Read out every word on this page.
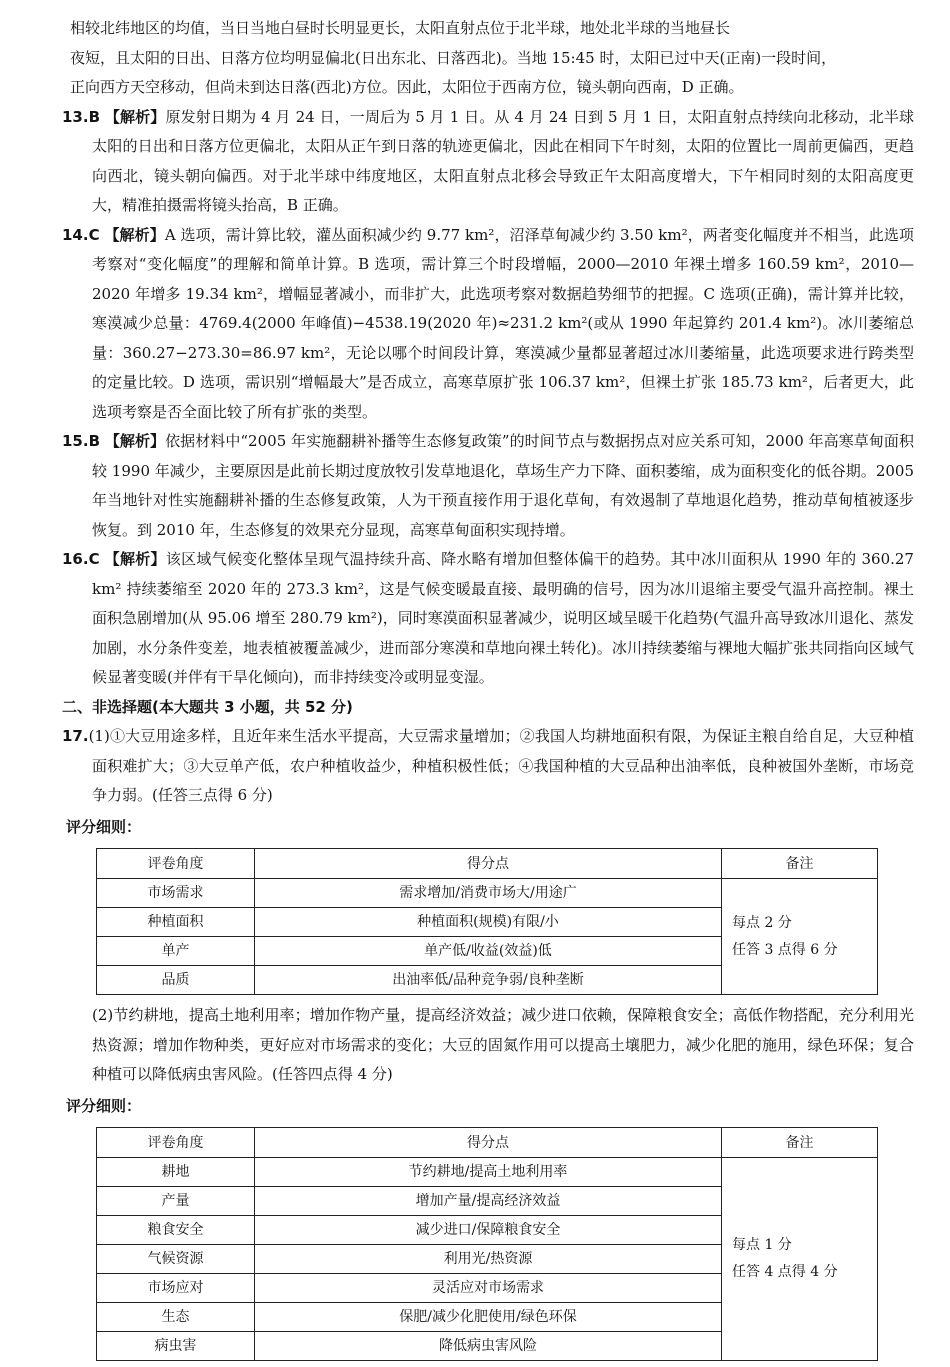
相较北纬地区的均值，当日当地白昼时长明显更长，太阳直射点位于北半球，地处北半球的当地昼长
夜短，且太阳的日出、日落方位均明显偏北(日出东北、日落西北)。当地 15:45 时，太阳已过中天(正南)一段时间，
正向西方天空移动，但尚未到达日落(西北)方位。因此，太阳位于西南方位，镜头朝向西南，D 正确。

13.B 【解析】原发射日期为 4 月 24 日，一周后为 5 月 1 日。从 4 月 24 日到 5 月 1 日，太阳直射点持续向北移动，北半球太阳的日出和日落方位更偏北，太阳从正午到日落的轨迹更偏北，因此在相同下午时刻，太阳的位置比一周前更偏西，更趋向西北，镜头朝向偏西。对于北半球中纬度地区，太阳直射点北移会导致正午太阳高度增大，下午相同时刻的太阳高度更大，精准拍摄需将镜头抬高，B 正确。

14.C 【解析】A 选项，需计算比较，灌丛面积减少约 9.77 km²，沼泽草甸减少约 3.50 km²，两者变化幅度并不相当，此选项考察对“变化幅度”的理解和简单计算。B 选项，需计算三个时段增幅，2000—2010 年裸土增多 160.59 km²，2010—2020 年增多 19.34 km²，增幅显著减小，而非扩大，此选项考察对数据趋势细节的把握。C 选项(正确)，需计算并比较，寒漠减少总量：4769.4(2000 年峰值)−4538.19(2020 年)≈231.2 km²(或从 1990 年起算约 201.4 km²)。冰川萎缩总量：360.27−273.30=86.97 km²，无论以哪个时间段计算，寒漠减少量都显著超过冰川萎缩量，此选项要求进行跨类型的定量比较。D 选项，需识别“增幅最大”是否成立，高寒草原扩张 106.37 km²，但裸土扩张 185.73 km²，后者更大，此选项考察是否全面比较了所有扩张的类型。

15.B 【解析】依据材料中“2005 年实施翻耕补播等生态修复政策”的时间节点与数据拐点对应关系可知，2000 年高寒草甸面积较 1990 年减少，主要原因是此前长期过度放牧引发草地退化，草场生产力下降、面积萎缩，成为面积变化的低谷期。2005 年当地针对性实施翻耕补播的生态修复政策，人为干预直接作用于退化草甸，有效遏制了草地退化趋势，推动草甸植被逐步恢复。到 2010 年，生态修复的效果充分显现，高寒草甸面积实现持增。

16.C 【解析】该区域气候变化整体呈现气温持续升高、降水略有增加但整体偏干的趋势。其中冰川面积从 1990 年的 360.27 km² 持续萎缩至 2020 年的 273.3 km²，这是气候变暖最直接、最明确的信号，因为冰川退缩主要受气温升高控制。裸土面积急剧增加(从 95.06 增至 280.79 km²)，同时寒漠面积显著减少，说明区域呈暖干化趋势(气温升高导致冰川退化、蒸发加剧，水分条件变差，地表植被覆盖减少，进而部分寒漠和草地向裸土转化)。冰川持续萎缩与裸地大幅扩张共同指向区域气候显著变暖(并伴有干旱化倾向)，而非持续变冷或明显变湿。

二、非选择题(本大题共 3 小题，共 52 分)

17.(1)①大豆用途多样，且近年来生活水平提高，大豆需求量增加；②我国人均耕地面积有限，为保证主粮自给自足，大豆种植面积难扩大；③大豆单产低，农户种植收益少，种植积极性低；④我国种植的大豆品种出油率低，良种被国外垄断，市场竞争力弱。(任答三点得 6 分)

评分细则：

评卷角度	得分点	备注
市场需求	需求增加/消费市场大/用途广	每点 2 分
任答 3 点得 6 分
种植面积	种植面积(规模)有限/小	
单产	单产低/收益(效益)低	
品质	出油率低/品种竞争弱/良种垄断	

(2)节约耕地，提高土地利用率；增加作物产量，提高经济效益；减少进口依赖，保障粮食安全；高低作物搭配，充分利用光热资源；增加作物种类，更好应对市场需求的变化；大豆的固氮作用可以提高土壤肥力，减少化肥的施用，绿色环保；复合种植可以降低病虫害风险。(任答四点得 4 分)

评分细则：

评卷角度	得分点	备注
耕地	节约耕地/提高土地利用率	每点 1 分
任答 4 点得 4 分
产量	增加产量/提高经济效益	
粮食安全	减少进口/保障粮食安全	
气候资源	利用光/热资源	
市场应对	灵活应对市场需求	
生态	保肥/减少化肥使用/绿色环保	
病虫害	降低病虫害风险	
